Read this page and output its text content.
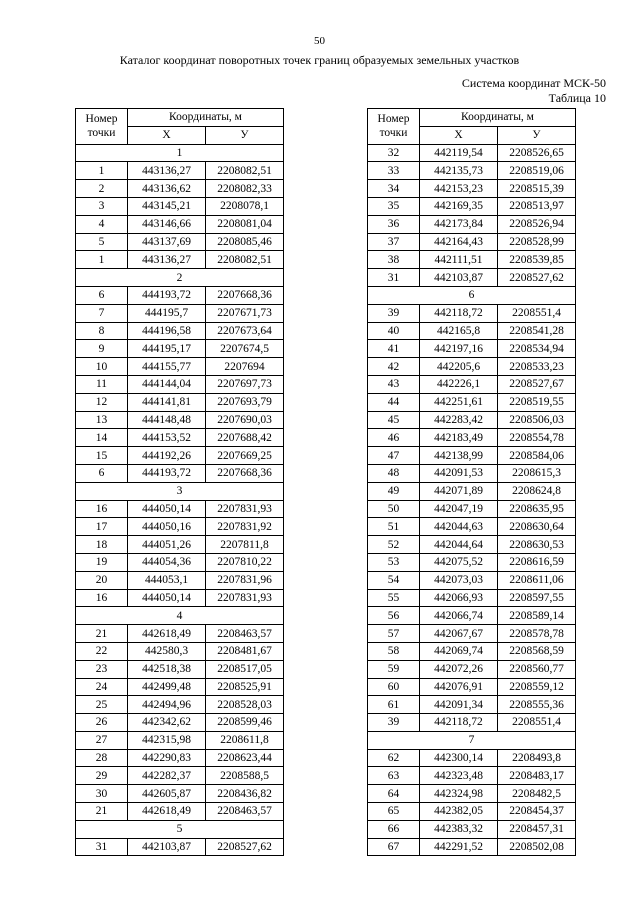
50
Каталог координат поворотных точек границ образуемых земельных участков
Система координат МСК-50
Таблица 10
Номер
точки	Координаты, м	
	X	У
1		
1	443136,27	2208082,51
2	443136,62	2208082,33
3	443145,21	2208078,1
4	443146,66	2208081,04
5	443137,69	2208085,46
1	443136,27	2208082,51
2		
6	444193,72	2207668,36
7	444195,7	2207671,73
8	444196,58	2207673,64
9	444195,17	2207674,5
10	444155,77	2207694
11	444144,04	2207697,73
12	444141,81	2207693,79
13	444148,48	2207690,03
14	444153,52	2207688,42
15	444192,26	2207669,25
6	444193,72	2207668,36
3		
16	444050,14	2207831,93
17	444050,16	2207831,92
18	444051,26	2207811,8
19	444054,36	2207810,22
20	444053,1	2207831,96
16	444050,14	2207831,93
4		
21	442618,49	2208463,57
22	442580,3	2208481,67
23	442518,38	2208517,05
24	442499,48	2208525,91
25	442494,96	2208528,03
26	442342,62	2208599,46
27	442315,98	2208611,8
28	442290,83	2208623,44
29	442282,37	2208588,5
30	442605,87	2208436,82
21	442618,49	2208463,57
5		
31	442103,87	2208527,62
Номер
точки	Координаты, м	
	X	У
32	442119,54	2208526,65
33	442135,73	2208519,06
34	442153,23	2208515,39
35	442169,35	2208513,97
36	442173,84	2208526,94
37	442164,43	2208528,99
38	442111,51	2208539,85
31	442103,87	2208527,62
6		
39	442118,72	2208551,4
40	442165,8	2208541,28
41	442197,16	2208534,94
42	442205,6	2208533,23
43	442226,1	2208527,67
44	442251,61	2208519,55
45	442283,42	2208506,03
46	442183,49	2208554,78
47	442138,99	2208584,06
48	442091,53	2208615,3
49	442071,89	2208624,8
50	442047,19	2208635,95
51	442044,63	2208630,64
52	442044,64	2208630,53
53	442075,52	2208616,59
54	442073,03	2208611,06
55	442066,93	2208597,55
56	442066,74	2208589,14
57	442067,67	2208578,78
58	442069,74	2208568,59
59	442072,26	2208560,77
60	442076,91	2208559,12
61	442091,34	2208555,36
39	442118,72	2208551,4
7		
62	442300,14	2208493,8
63	442323,48	2208483,17
64	442324,98	2208482,5
65	442382,05	2208454,37
66	442383,32	2208457,31
67	442291,52	2208502,08
